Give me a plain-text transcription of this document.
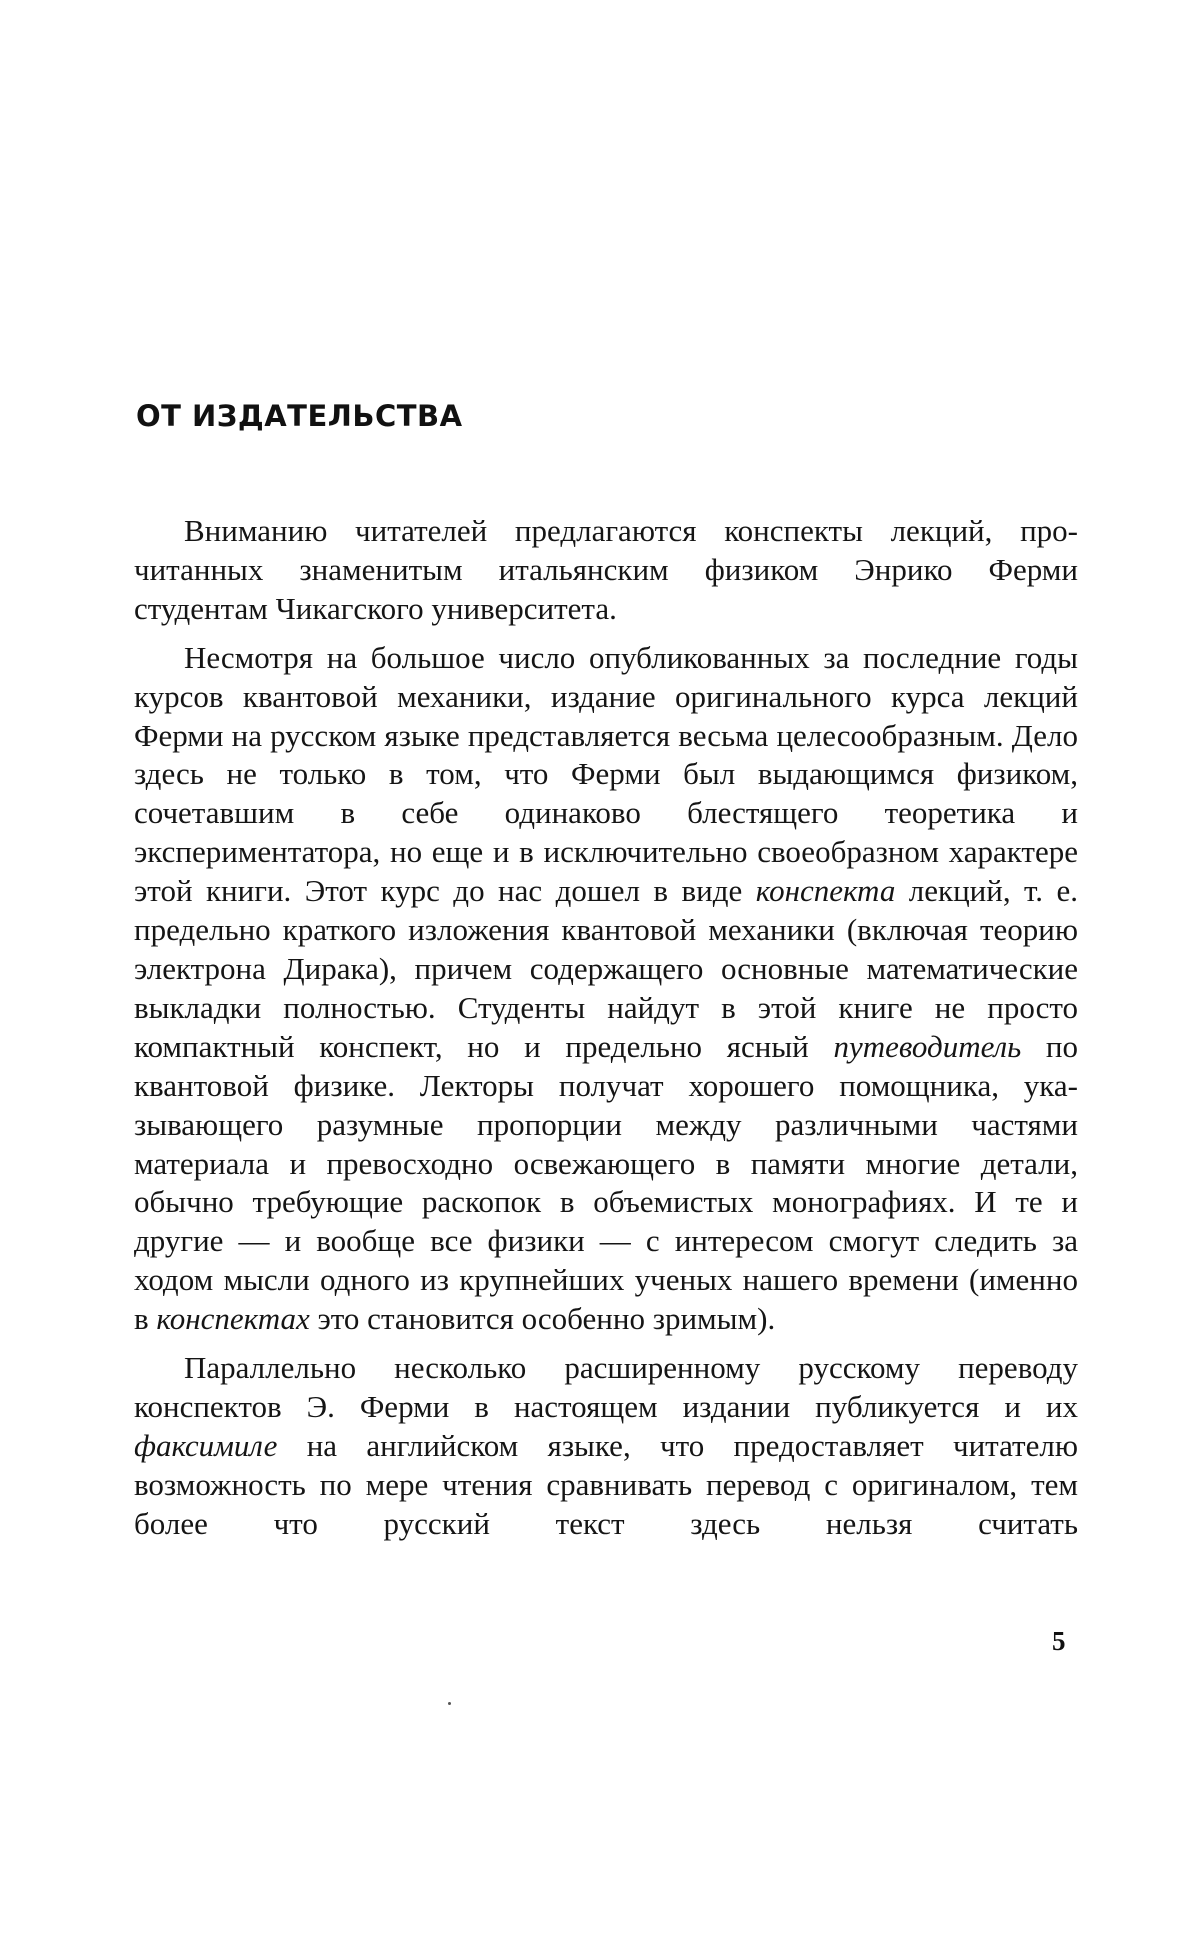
ОТ ИЗДАТЕЛЬСТВА

Вниманию читателей предлагаются конспекты лекций, прочитанных знаменитым итальянским физиком Энрико Ферми студентам Чикагского университета.

Несмотря на большое число опубликованных за последние годы курсов квантовой механики, издание оригинального курса лекций Ферми на русском языке представляется весьма целесообразным. Дело здесь не только в том, что Ферми был выдающимся физиком, сочетавшим в себе одинаково блестящего теоретика и экспериментатора, но еще и в исключительно своеобразном характере этой книги. Этот курс до нас дошел в виде конспекта лекций, т. е. предельно краткого изложения квантовой механики (включая теорию электрона Дирака), причем содержащего основные математические выкладки полностью. Студенты найдут в этой книге не просто компактный конспект, но и предельно ясный путеводитель по квантовой физике. Лекторы получат хорошего помощника, указывающего разумные пропорции между различными частями материала и превосходно освежающего в памяти многие детали, обычно требующие раскопок в объемистых монографиях. И те и другие — и вообще все физики — с интересом смогут следить за ходом мысли одного из крупнейших ученых нашего времени (именно в конспектах это становится особенно зримым).

Параллельно несколько расширенному русскому переводу конспектов Э. Ферми в настоящем издании публикуется и их факсимиле на английском языке, что предоставляет читателю возможность по мере чтения сравнивать перевод с оригиналом, тем более что русский текст здесь нельзя считать

5
